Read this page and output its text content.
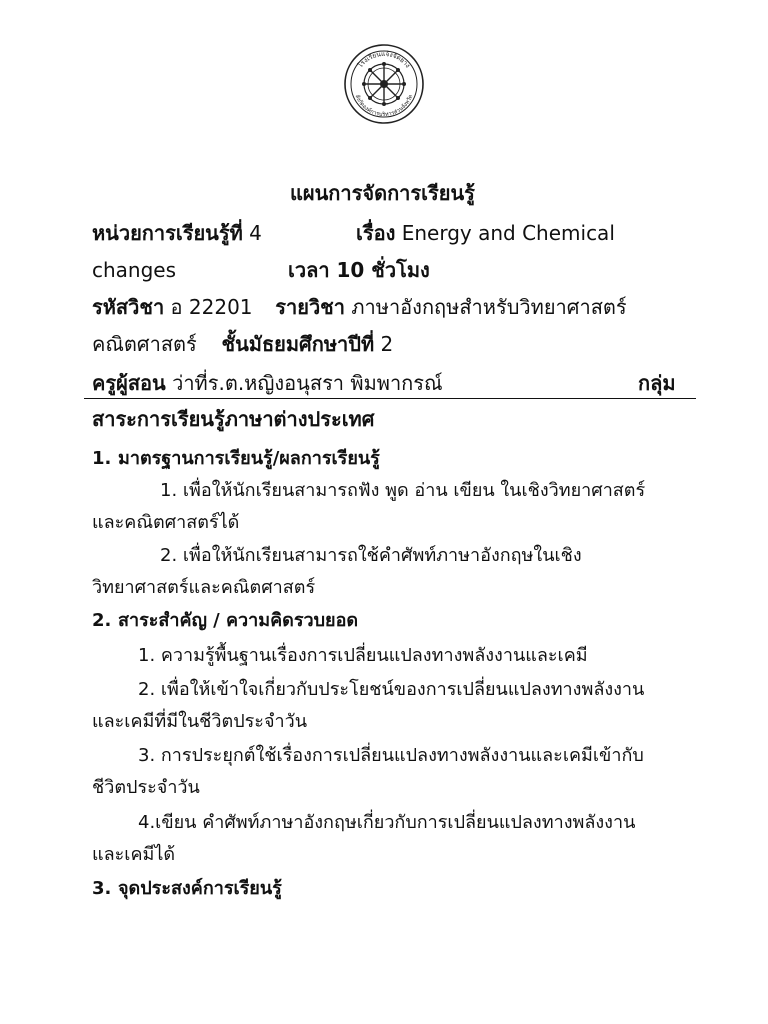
โรงเรียนแจ้งจัดยาง
สังกัดองค์การบริหารส่วนจังหวัด
แผนการจัดการเรียนรู้
หน่วยการเรียนรู้ที่ 4	เรื่อง Energy and Chemical
changes	เวลา 10 ชั่วโมง
รหัสวิชา อ 22201 รายวิชา ภาษาอังกฤษสำหรับวิทยาศาสตร์
คณิตศาสตร์ ชั้นมัธยมศึกษาปีที่ 2
ครูผู้สอน ว่าที่ร.ต.หญิงอนุสรา พิมพากรณ์	กลุ่ม
สาระการเรียนรู้ภาษาต่างประเทศ
1. มาตรฐานการเรียนรู้/ผลการเรียนรู้
1. เพื่อให้นักเรียนสามารถฟัง พูด อ่าน เขียน ในเชิงวิทยาศาสตร์
และคณิตศาสตร์ได้
2. เพื่อให้นักเรียนสามารถใช้คำศัพท์ภาษาอังกฤษในเชิง
วิทยาศาสตร์และคณิตศาสตร์
2. สาระสำคัญ / ความคิดรวบยอด
1. ความรู้พื้นฐานเรื่องการเปลี่ยนแปลงทางพลังงานและเคมี
2. เพื่อให้เข้าใจเกี่ยวกับประโยชน์ของการเปลี่ยนแปลงทางพลังงาน
และเคมีที่มีในชีวิตประจำวัน
3. การประยุกต์ใช้เรื่องการเปลี่ยนแปลงทางพลังงานและเคมีเข้ากับ
ชีวิตประจำวัน
4.เขียน คำศัพท์ภาษาอังกฤษเกี่ยวกับการเปลี่ยนแปลงทางพลังงาน
และเคมีได้
3. จุดประสงค์การเรียนรู้
